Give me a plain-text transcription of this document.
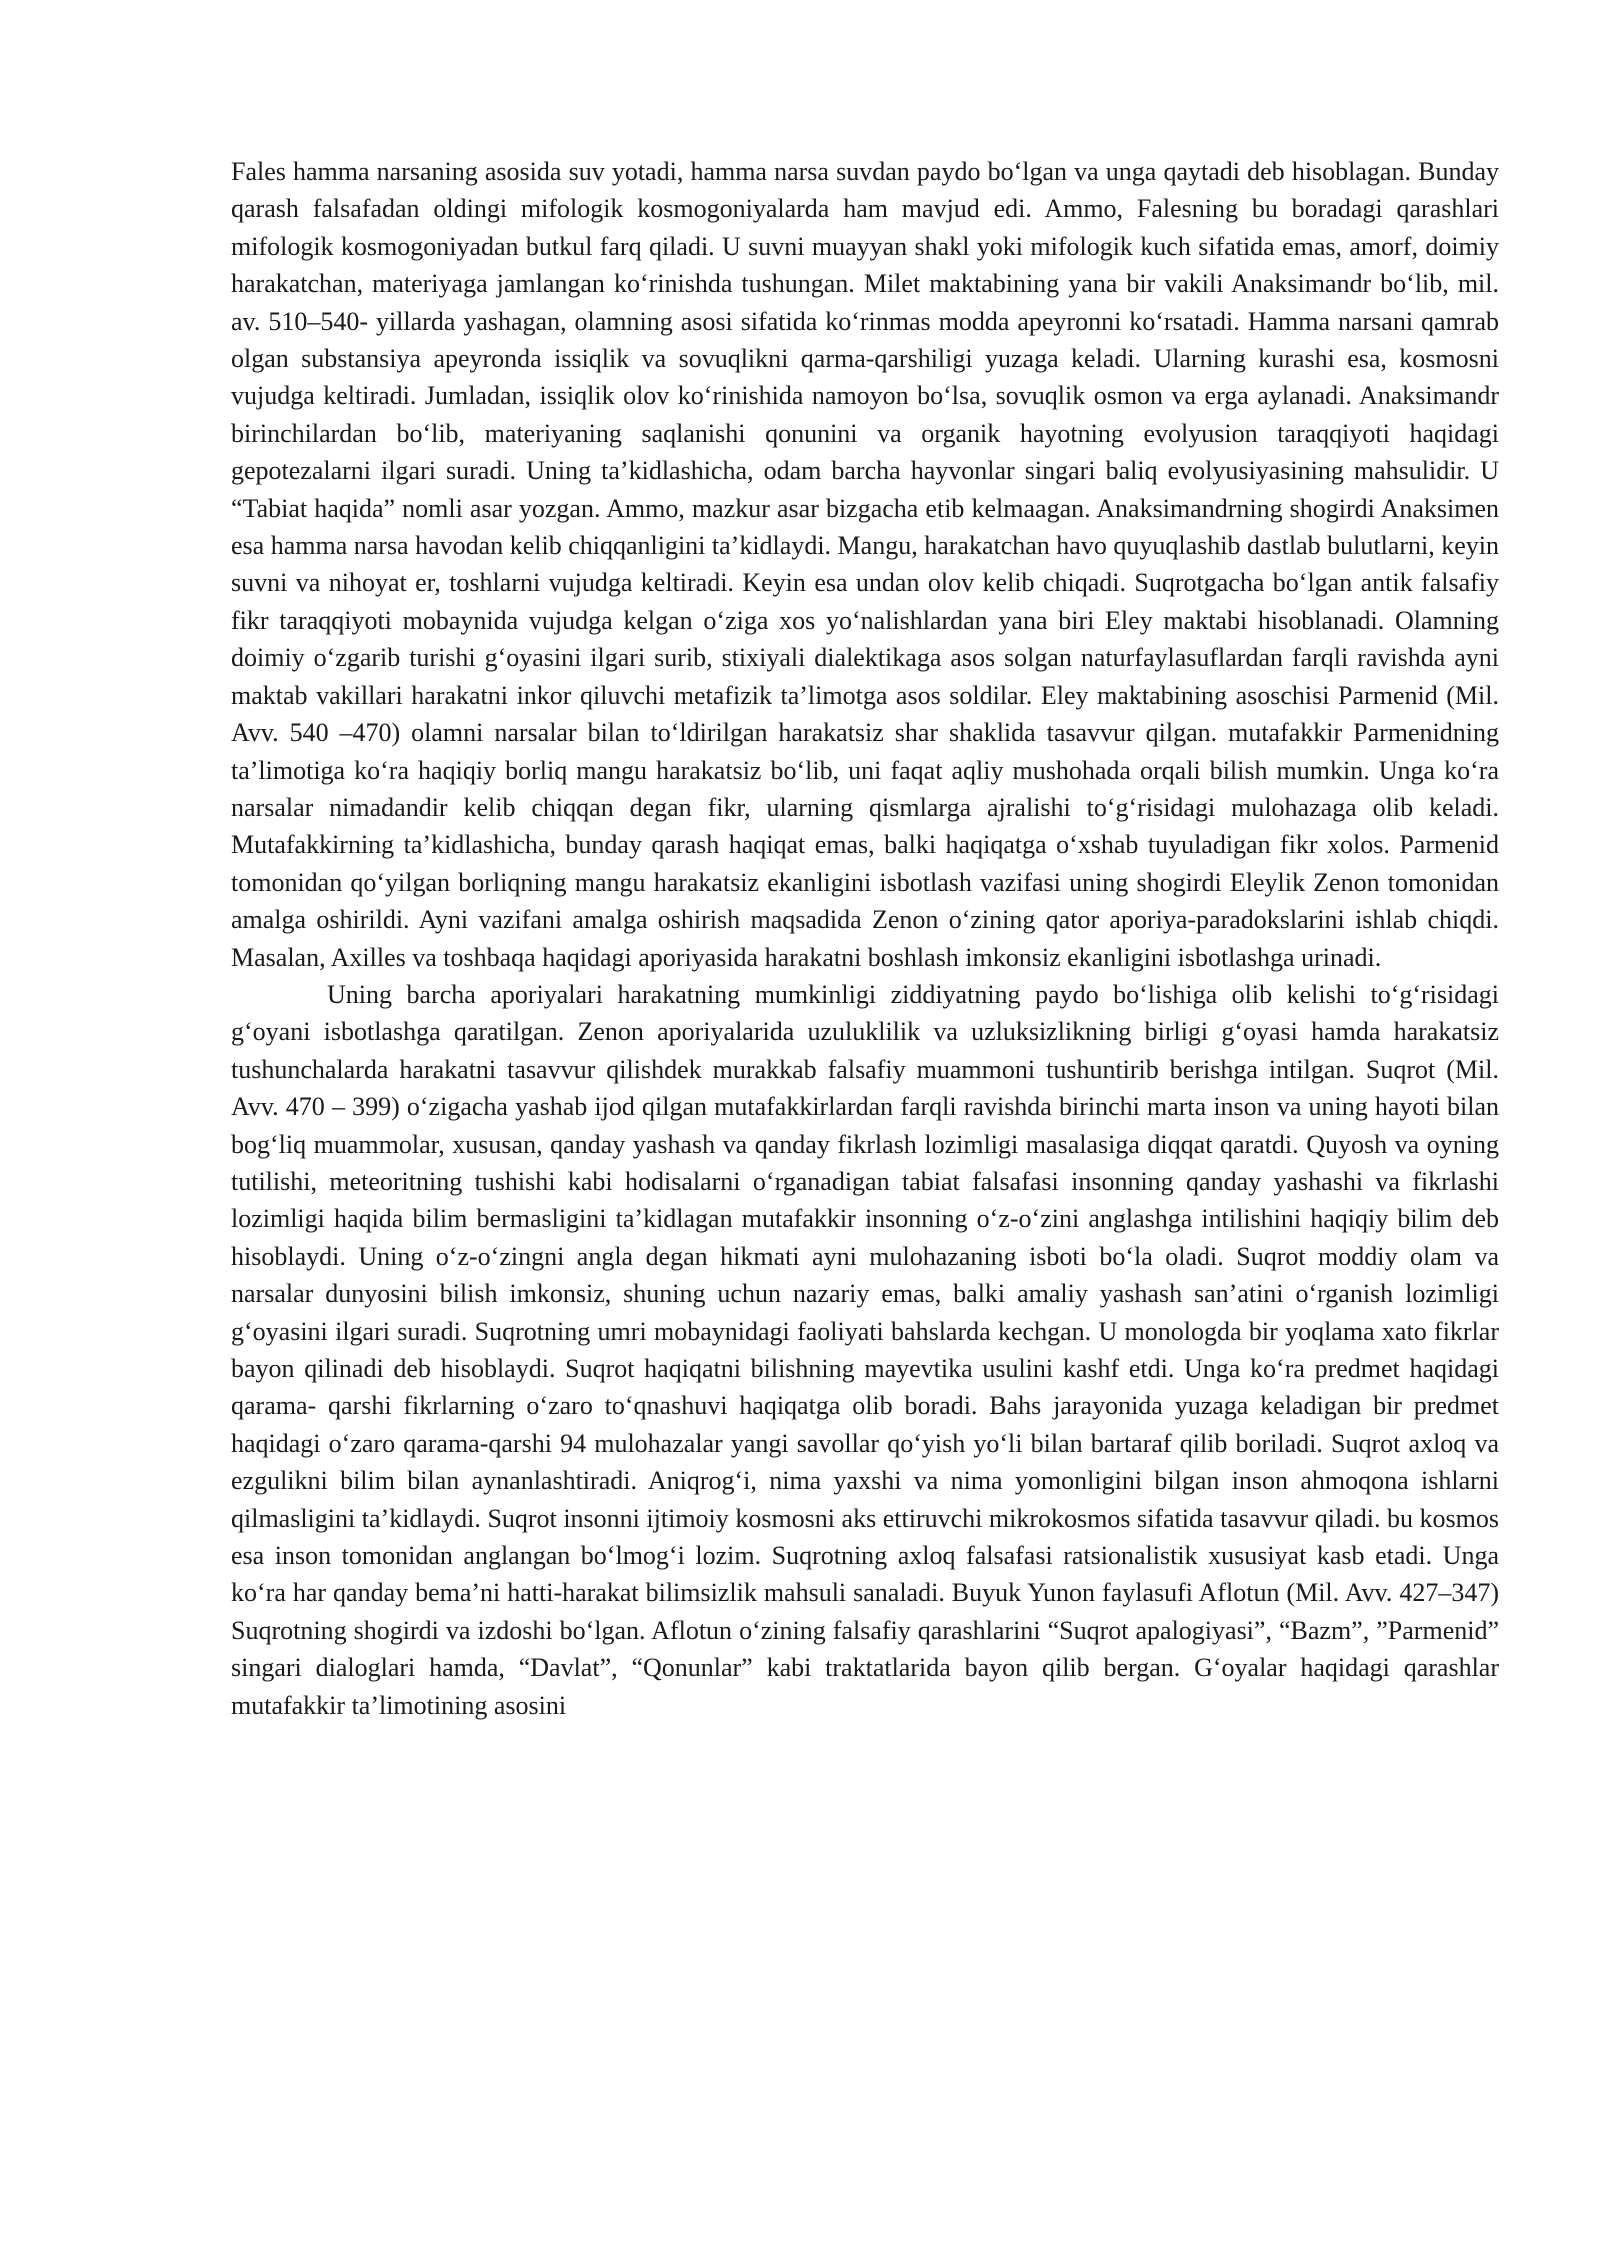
Fales hamma narsaning asosida suv yotadi, hamma narsa suvdan paydo boʻlgan va unga qaytadi deb hisoblagan. Bunday qarash falsafadan oldingi mifologik kosmogoniyalarda ham mavjud edi. Ammo, Falesning bu boradagi qarashlari mifologik kosmogoniyadan butkul farq qiladi. U suvni muayyan shakl yoki mifologik kuch sifatida emas, amorf, doimiy harakatchan, materiyaga jamlangan koʻrinishda tushungan. Milet maktabining yana bir vakili Anaksimandr boʻlib, mil. av. 510–540- yillarda yashagan, olamning asosi sifatida koʻrinmas modda apeyronni koʻrsatadi. Hamma narsani qamrab olgan substansiya apeyronda issiqlik va sovuqlikni qarma-qarshiligi yuzaga keladi. Ularning kurashi esa, kosmosni vujudga keltiradi. Jumladan, issiqlik olov koʻrinishida namoyon boʻlsa, sovuqlik osmon va erga aylanadi. Anaksimandr birinchilardan boʻlib, materiyaning saqlanishi qonunini va organik hayotning evolyusion taraqqiyoti haqidagi gepotezalarni ilgari suradi. Uning taʼkidlashicha, odam barcha hayvonlar singari baliq evolyusiyasining mahsulidir. U “Tabiat haqida” nomli asar yozgan. Ammo, mazkur asar bizgacha etib kelmaagan. Anaksimandrning shogirdi Anaksimen esa hamma narsa havodan kelib chiqqanligini taʼkidlaydi. Mangu, harakatchan havo quyuqlashib dastlab bulutlarni, keyin suvni va nihoyat er, toshlarni vujudga keltiradi. Keyin esa undan olov kelib chiqadi. Suqrotgacha boʻlgan antik falsafiy fikr taraqqiyoti mobaynida vujudga kelgan oʻziga xos yoʻnalishlardan yana biri Eley maktabi hisoblanadi. Olamning doimiy oʻzgarib turishi gʻoyasini ilgari surib, stixiyali dialektikaga asos solgan naturfaylasuflardan farqli ravishda ayni maktab vakillari harakatni inkor qiluvchi metafizik taʼlimotga asos soldilar. Eley maktabining asoschisi Parmenid (Mil. Avv. 540 –470) olamni narsalar bilan toʻldirilgan harakatsiz shar shaklida tasavvur qilgan. mutafakkir Parmenidning taʼlimotiga koʻra haqiqiy borliq mangu harakatsiz boʻlib, uni faqat aqliy mushohada orqali bilish mumkin. Unga koʻra narsalar nimadandir kelib chiqqan degan fikr, ularning qismlarga ajralishi toʻgʻrisidagi mulohazaga olib keladi. Mutafakkirning taʼkidlashicha, bunday qarash haqiqat emas, balki haqiqatga oʻxshab tuyuladigan fikr xolos. Parmenid tomonidan qoʻyilgan borliqning mangu harakatsiz ekanligini isbotlash vazifasi uning shogirdi Eleylik Zenon tomonidan amalga oshirildi. Ayni vazifani amalga oshirish maqsadida Zenon oʻzining qator aporiya-paradokslarini ishlab chiqdi. Masalan, Axilles va toshbaqa haqidagi aporiyasida harakatni boshlash imkonsiz ekanligini isbotlashga urinadi.

Uning barcha aporiyalari harakatning mumkinligi ziddiyatning paydo boʻlishiga olib kelishi toʻgʻrisidagi gʻoyani isbotlashga qaratilgan. Zenon aporiyalarida uzuluklilik va uzluksizlikning birligi gʻoyasi hamda harakatsiz tushunchalarda harakatni tasavvur qilishdek murakkab falsafiy muammoni tushuntirib berishga intilgan. Suqrot (Mil. Avv. 470 – 399) oʻzigacha yashab ijod qilgan mutafakkirlardan farqli ravishda birinchi marta inson va uning hayoti bilan bogʻliq muammolar, xususan, qanday yashash va qanday fikrlash lozimligi masalasiga diqqat qaratdi. Quyosh va oyning tutilishi, meteoritning tushishi kabi hodisalarni oʻrganadigan tabiat falsafasi insonning qanday yashashi va fikrlashi lozimligi haqida bilim bermasligini taʼkidlagan mutafakkir insonning oʻz-oʻzini anglashga intilishini haqiqiy bilim deb hisoblaydi. Uning oʻz-oʻzingni angla degan hikmati ayni mulohazaning isboti boʻla oladi. Suqrot moddiy olam va narsalar dunyosini bilish imkonsiz, shuning uchun nazariy emas, balki amaliy yashash sanʼatini oʻrganish lozimligi gʻoyasini ilgari suradi. Suqrotning umri mobaynidagi faoliyati bahslarda kechgan. U monologda bir yoqlama xato fikrlar bayon qilinadi deb hisoblaydi. Suqrot haqiqatni bilishning mayevtika usulini kashf etdi. Unga koʻra predmet haqidagi qarama- qarshi fikrlarning oʻzaro toʻqnashuvi haqiqatga olib boradi. Bahs jarayonida yuzaga keladigan bir predmet haqidagi oʻzaro qarama-qarshi 94 mulohazalar yangi savollar qoʻyish yoʻli bilan bartaraf qilib boriladi. Suqrot axloq va ezgulikni bilim bilan aynanlashtiradi. Aniqrogʻi, nima yaxshi va nima yomonligini bilgan inson ahmoqona ishlarni qilmasligini taʼkidlaydi. Suqrot insonni ijtimoiy kosmosni aks ettiruvchi mikrokosmos sifatida tasavvur qiladi. bu kosmos esa inson tomonidan anglangan boʻlmogʻi lozim. Suqrotning axloq falsafasi ratsionalistik xususiyat kasb etadi. Unga koʻra har qanday bemaʼni hatti-harakat bilimsizlik mahsuli sanaladi. Buyuk Yunon faylasufi Aflotun (Mil. Avv. 427–347) Suqrotning shogirdi va izdoshi boʻlgan. Aflotun oʻzining falsafiy qarashlarini “Suqrot apalogiyasi”, “Bazm”, ”Parmenid” singari dialoglari hamda, “Davlat”, “Qonunlar” kabi traktatlarida bayon qilib bergan. Gʻoyalar haqidagi qarashlar mutafakkir taʼlimotining asosini
